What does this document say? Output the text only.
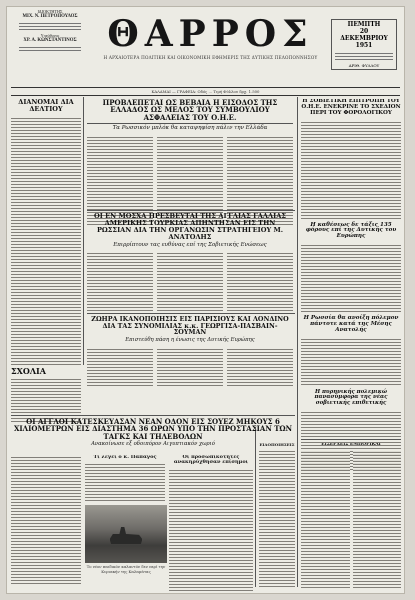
ΙΔΙΟΚΤΗΤΗΣ
ΜΙΧ. Ν. ΠΕΤΡΟΠΟΥΛΟΣ
Υπεύθυνος
ΧΡ. Α. ΚΩΝΣΤΑΝΤΙΝΟΣ ΘΑΡΡΟΣ
Η ΑΡΧΑΙΟΤΕΡΑ ΠΟΛΙΤΙΚΗ ΚΑΙ ΟΙΚΟΝΟΜΙΚΗ ΕΦΗΜΕΡΙΣ ΤΗΣ ΔΥΤΙΚΗΣ ΠΕΛΟΠΟΝΝΗΣΟΥ
ΠΕΜΠΤΗ
20
ΔΕΚΕΜΒΡΙΟΥ 1951
ΑΡΙΘ. ΦΥΛΛΟΥ
ΚΑΛΑΜΑΙ — ΓΡΑΦΕΙΑ: Οδός ... Τιμή Φύλλου δρχ. 1.500
ΔΙΑΝΟΜΑΙ ΔΙΑ ΔΕΛΤΙΟΥ
ΠΡΟΒΛΕΠΕΤΑΙ ΩΣ ΒΕΒΑΙΑ Η ΕΙΣΟΔΟΣ ΤΗΣ ΕΛΛΑΔΟΣ ΩΣ ΜΕΛΟΣ ΤΟΥ ΣΥΜΒΟΥΛΙΟΥ ΑΣΦΑΛΕΙΑΣ ΤΟΥ Ο.Η.Ε.
Τα Ρωσσικόν μπλόκ θα καταψηφίση πάλιν την Ελλάδα
ΟΙ ΕΝ ΜΟΣΧΑ ΠΡΕΣΒΕΥΤΑΙ ΤΗΣ ΑΓΓΛΙΑΣ ΓΑΛΛΙΑΣ ΑΜΕΡΙΚΗΣ ΤΟΥΡΚΙΑΣ ΑΠΗΝΤΗΣΑΝ ΕΙΣ ΤΗΝ ΡΩΣΣΙΑΝ ΔΙΑ ΤΗΝ ΟΡΓΑΝΩΣΙΝ ΣΤΡΑΤΗΓΕΙΟΥ Μ. ΑΝΑΤΟΛΗΣ
Επιρρίπτουν τας ευθύνας επί της Σοβιετικής Ενώσεως
ΖΩΗΡΑ ΙΚΑΝΟΠΟΙΗΣΙΣ ΕΙΣ ΠΑΡΙΣΙΟΥΣ ΚΑΙ ΛΟΝΔΙΝΟ ΔΙΑ ΤΑΣ ΣΥΝΟΜΙΛΙΑΣ κ.κ. ΓΕΩΡΓΙΣΑ-ΠΑΣΒΑΙΝ-ΣΟΥΜΑΝ
Επιστεύθη πάση η ένωσις της Δυτικής Ευρώπης
ΣΧΟΛΙΑ
ΟΙ ΑΓΓΛΟΙ ΚΑΤΕΣΚΕΥΑΣΑΝ ΝΕΑΝ ΟΔΟΝ ΕΙΣ ΣΟΥΕΖ ΜΗΚΟΥΣ 6 ΧΙΛΙΟΜΕΤΡΩΝ ΕΙΣ ΔΙΑΣΤΗΜΑ 36 ΩΡΩΝ ΥΠΟ ΤΗΝ ΠΡΟΣΤΑΣΙΑΝ ΤΩΝ ΤΑΓΚΣ ΚΑΙ ΤΗΛΕΒΟΛΩΝ
Ανακοίνωσε εξ οδοιπόρον Αιγυπτιακόν χωριό
Τι λέγει ο κ. Παπάγος	Οι προσωπικότητες ανακηρύχθησαν επίσημοι
Το νέον παιδικόν καλαντόν δεν περί την Κυριακήν της Καλαμάτας
Η ΣΟΒΙΕΤΙΚΗ ΕΠΙΤΡΟΠΗ ΤΟΥ Ο.Η.Ε. ΕΝΕΚΡΙΝΕ ΤΟ ΣΧΕΔΙΟΝ ΠΕΡΙ ΤΟΥ ΦΟΡΟΛΟΓΙΚΟΥ
Η καθέσεως δε τάξις 135 φόρους επί της Δυτικής του Ευρώπης
Η Ρωσσία θα ανοίξη πόλεμον πάντοτε κατά της Μέσης Ανατολής
Η πυρηνικής πολεμικώ πανασύμφορα της νέας σοβιετικής επιθετικής
ΕΙΔΟΠΟΙΗΣΕΙΣ	ΕΙΣΕΡΧΕΙΣ ΕΜΠΟΡΙΚΑΙ
